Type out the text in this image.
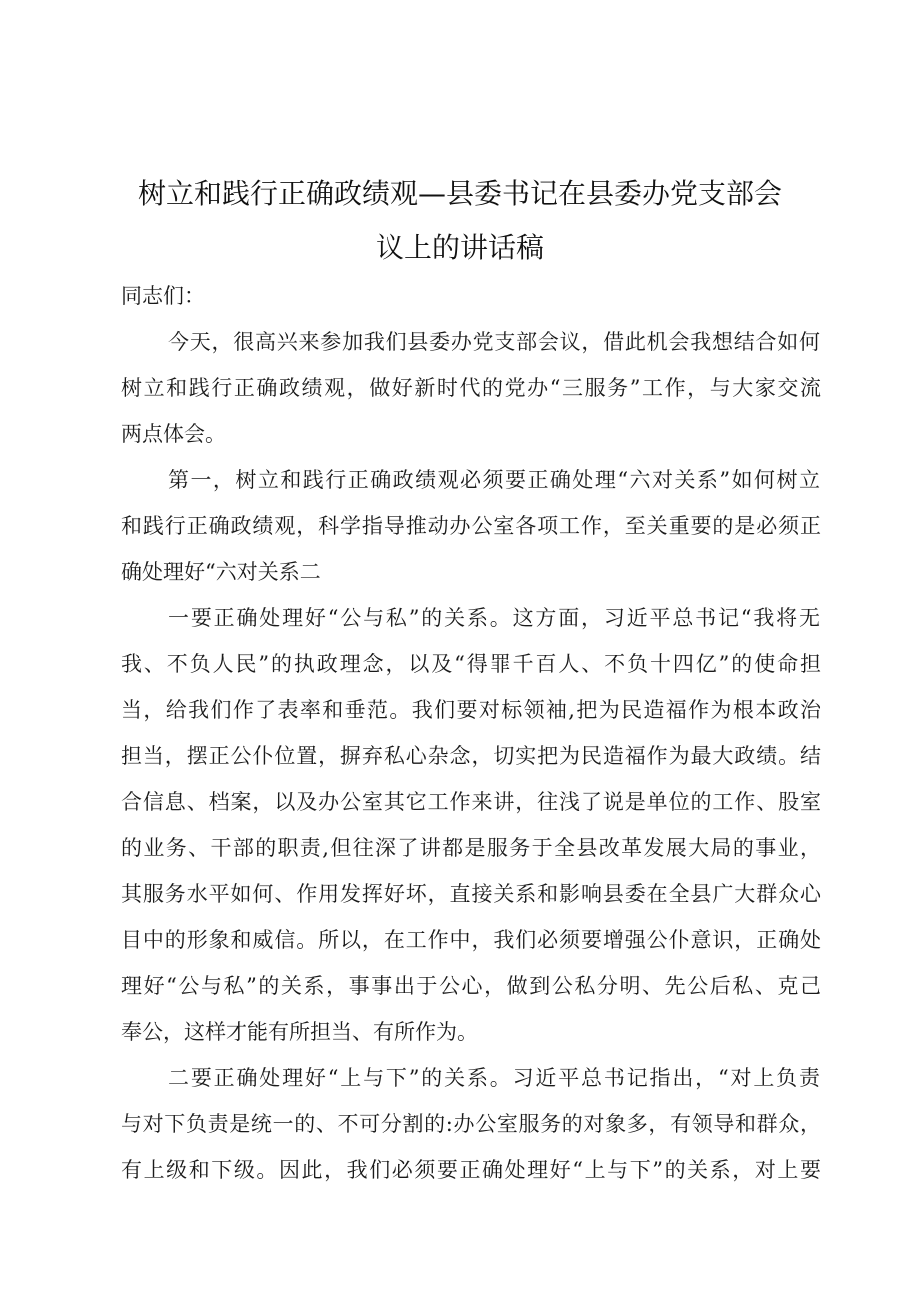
树立和践行正确政绩观—县委书记在县委办党支部会
议上的讲话稿
同志们：
今天，很高兴来参加我们县委办党支部会议，借此机会我想结合如何
树立和践行正确政绩观，做好新时代的党办“三服务”工作，与大家交流
两点体会。
第一，树立和践行正确政绩观必须要正确处理“六对关系”如何树立
和践行正确政绩观，科学指导推动办公室各项工作，至关重要的是必须正
确处理好“六对关系二
一要正确处理好“公与私”的关系。这方面，习近平总书记“我将无
我、不负人民”的执政理念，以及“得罪千百人、不负十四亿”的使命担
当，给我们作了表率和垂范。我们要对标领袖,把为民造福作为根本政治
担当，摆正公仆位置，摒弃私心杂念，切实把为民造福作为最大政绩。结
合信息、档案，以及办公室其它工作来讲，往浅了说是单位的工作、股室
的业务、干部的职责,但往深了讲都是服务于全县改革发展大局的事业，
其服务水平如何、作用发挥好坏，直接关系和影响县委在全县广大群众心
目中的形象和威信。所以，在工作中，我们必须要增强公仆意识，正确处
理好“公与私”的关系，事事出于公心，做到公私分明、先公后私、克己
奉公，这样才能有所担当、有所作为。
二要正确处理好“上与下”的关系。习近平总书记指出，“对上负责
与对下负责是统一的、不可分割的:办公室服务的对象多，有领导和群众，
有上级和下级。因此，我们必须要正确处理好“上与下”的关系，对上要
